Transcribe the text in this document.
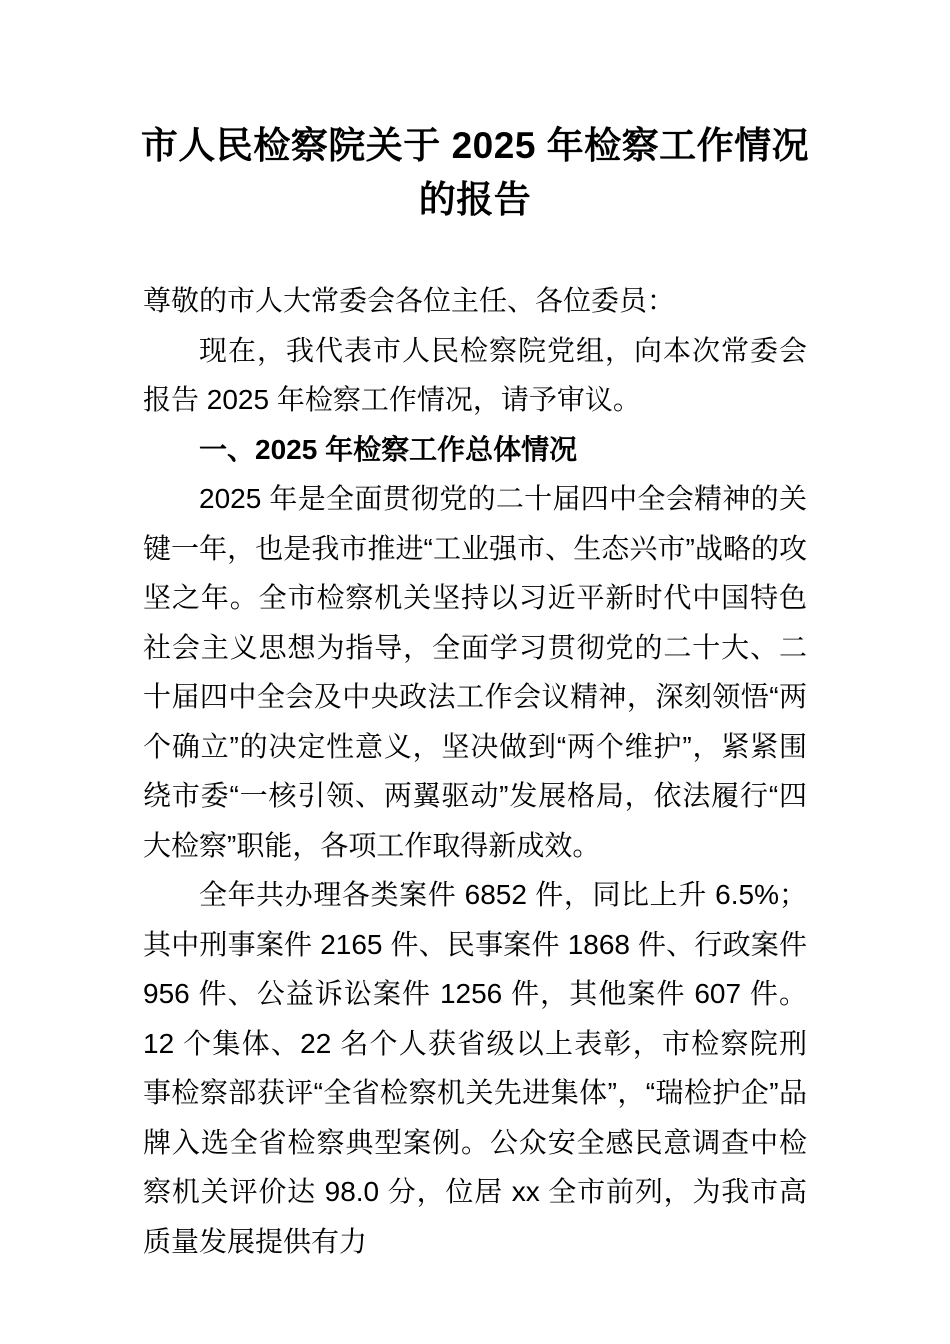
市人民检察院关于 2025 年检察工作情况
的报告

尊敬的市人大常委会各位主任、各位委员：

现在，我代表市人民检察院党组，向本次常委会报告 2025 年检察工作情况，请予审议。

一、2025 年检察工作总体情况

2025 年是全面贯彻党的二十届四中全会精神的关键一年，也是我市推进“工业强市、生态兴市”战略的攻坚之年。全市检察机关坚持以习近平新时代中国特色社会主义思想为指导，全面学习贯彻党的二十大、二十届四中全会及中央政法工作会议精神，深刻领悟“两个确立”的决定性意义，坚决做到“两个维护”，紧紧围绕市委“一核引领、两翼驱动”发展格局，依法履行“四大检察”职能，各项工作取得新成效。

全年共办理各类案件 6852 件，同比上升 6.5%；其中刑事案件 2165 件、民事案件 1868 件、行政案件 956 件、公益诉讼案件 1256 件，其他案件 607 件。12 个集体、22 名个人获省级以上表彰，市检察院刑事检察部获评“全省检察机关先进集体”，“瑞检护企”品牌入选全省检察典型案例。公众安全感民意调查中检察机关评价达 98.0 分，位居 xx 全市前列，为我市高质量发展提供有力
